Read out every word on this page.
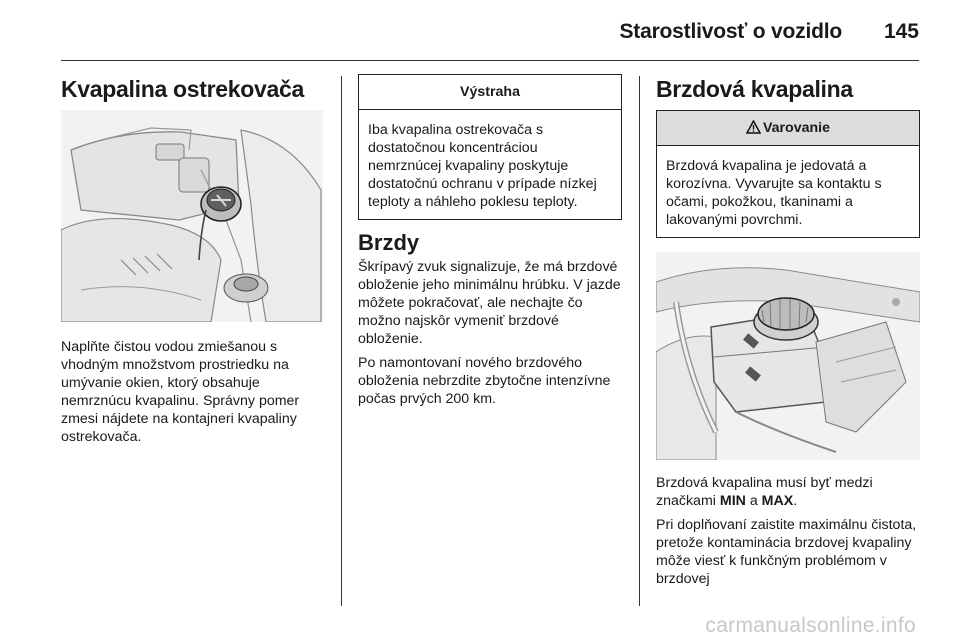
Starostlivosť o vozidlo 145
Kvapalina ostrekovača

Naplňte čistou vodou zmiešanou s vhodným množstvom prostriedku na umývanie okien, ktorý obsahuje nemrznúcu kvapalinu. Správny pomer zmesi nájdete na kontajneri kvapaliny ostrekovača.

Výstraha
Iba kvapalina ostrekovača s dostatočnou koncentráciou nemrznúcej kvapaliny poskytuje dostatočnú ochranu v prípade nízkej teploty a náhleho poklesu teploty.
Brzdy

Škrípavý zvuk signalizuje, že má brzdové obloženie jeho minimálnu hrúbku. V jazde môžete pokračovať, ale nechajte čo možno najskôr vymeniť brzdové obloženie.

Po namontovaní nového brzdového obloženia nebrzdite zbytočne intenzívne počas prvých 200 km.

Brzdová kvapalina
Varovanie
Brzdová kvapalina je jedovatá a korozívna. Vyvarujte sa kontaktu s očami, pokožkou, tkaninami a lakovanými povrchmi.

Brzdová kvapalina musí byť medzi značkami MIN a MAX.

Pri doplňovaní zaistite maximálnu čistota, pretože kontaminácia brzdovej kvapaliny môže viesť k funkčným problémom v brzdovej

carmanualsonline.info
